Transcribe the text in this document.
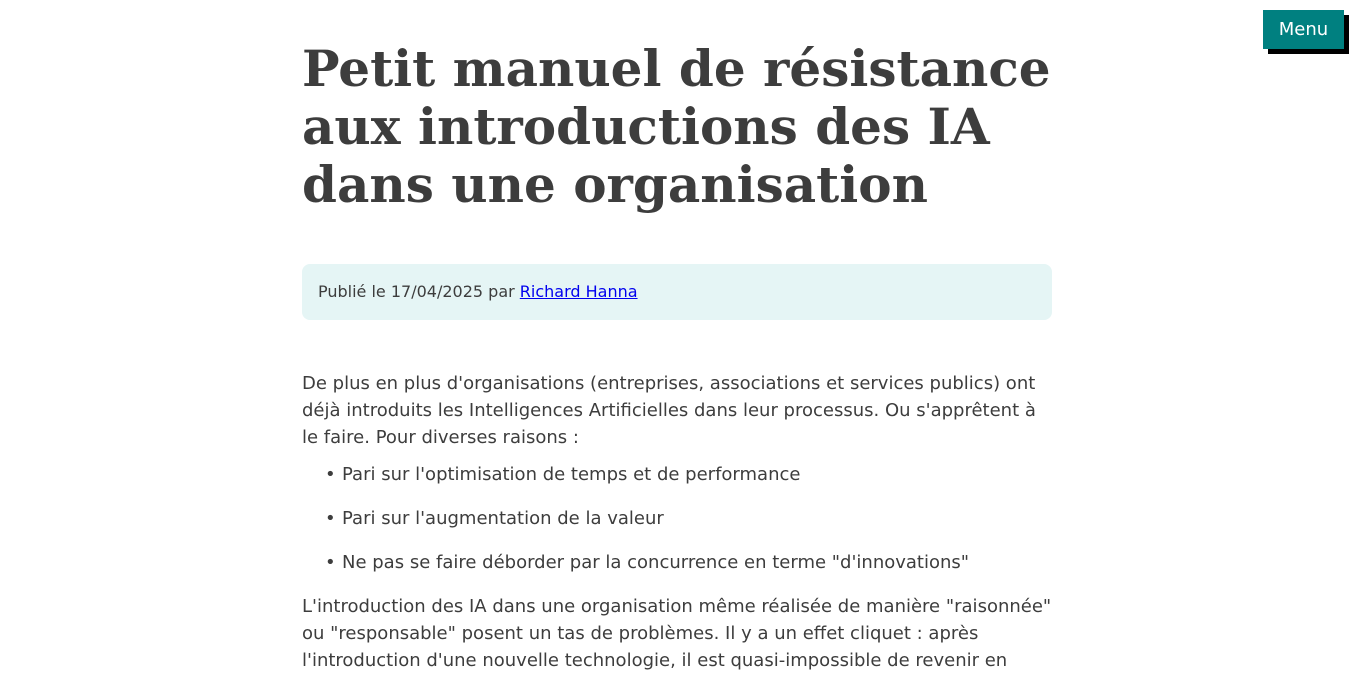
Menu
Petit manuel de résistance aux introductions des IA dans une organisation
Publié le 17/04/2025 par Richard Hanna

De plus en plus d'organisations (entreprises, associations et services publics) ont déjà introduits les Intelligences Artificielles dans leur processus. Ou s'apprêtent à le faire. Pour diverses raisons :

• Pari sur l'optimisation de temps et de performance
• Pari sur l'augmentation de la valeur
• Ne pas se faire déborder par la concurrence en terme "d'innovations"

L'introduction des IA dans une organisation même réalisée de manière "raisonnée" ou "responsable" posent un tas de problèmes. Il y a un effet cliquet : après l'introduction d'une nouvelle technologie, il est quasi-impossible de revenir en
